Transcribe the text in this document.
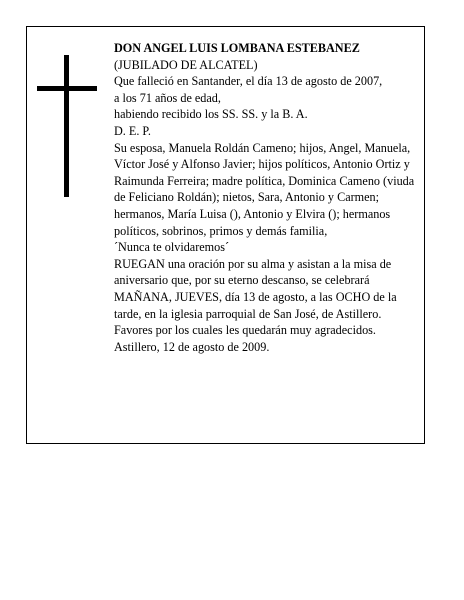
DON ANGEL LUIS LOMBANA ESTEBANEZ

(JUBILADO DE ALCATEL)

Que falleció en Santander, el día 13 de agosto de 2007,

a los 71 años de edad,

habiendo recibido los SS. SS. y la B. A.

D. E. P.

Su esposa, Manuela Roldán Cameno; hijos, Angel, Manuela, Víctor José y Alfonso Javier; hijos políticos, Antonio Ortiz y Raimunda Ferreira; madre política, Dominica Cameno (viuda de Feliciano Roldán); nietos, Sara, Antonio y Carmen; hermanos, María Luisa (), Antonio y Elvira (); hermanos políticos, sobrinos, primos y demás familia,

´Nunca te olvidaremos´

RUEGAN una oración por su alma y asistan a la misa de aniversario que, por su eterno descanso, se celebrará MAÑANA, JUEVES, día 13 de agosto, a las OCHO de la tarde, en la iglesia parroquial de San José, de Astillero. Favores por los cuales les quedarán muy agradecidos.

Astillero, 12 de agosto de 2009.
